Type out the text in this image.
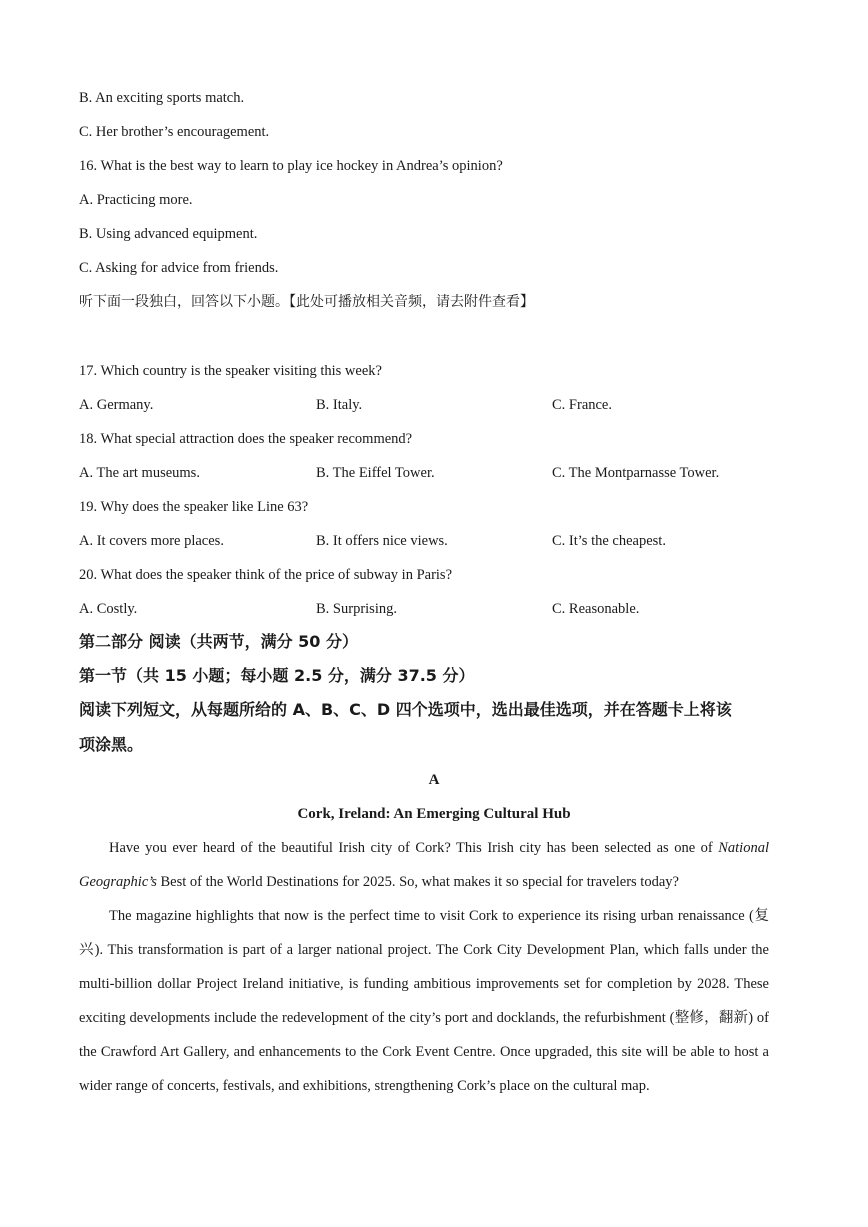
B. An exciting sports match.
C. Her brother’s encouragement.
16. What is the best way to learn to play ice hockey in Andrea’s opinion?
A. Practicing more.
B. Using advanced equipment.
C. Asking for advice from friends.
听下面一段独白，回答以下小题。【此处可播放相关音频，请去附件查看】
17. Which country is the speaker visiting this week?
A. Germany.	B. Italy.	C. France.
18. What special attraction does the speaker recommend?
A. The art museums.	B. The Eiffel Tower.	C. The Montparnasse Tower.
19. Why does the speaker like Line 63?
A. It covers more places.	B. It offers nice views.	C. It’s the cheapest.
20. What does the speaker think of the price of subway in Paris?
A. Costly.	B. Surprising.	C. Reasonable.
第二部分 阅读（共两节，满分 50 分）
第一节（共 15 小题；每小题 2.5 分，满分 37.5 分）
阅读下列短文，从每题所给的 A、B、C、D 四个选项中，选出最佳选项，并在答题卡上将该
项涂黑。
A
Cork, Ireland: An Emerging Cultural Hub
Have you ever heard of the beautiful Irish city of Cork? This Irish city has been selected as one of National Geographic’s Best of the World Destinations for 2025. So, what makes it so special for travelers today?
The magazine highlights that now is the perfect time to visit Cork to experience its rising urban renaissance (复兴). This transformation is part of a larger national project. The Cork City Development Plan, which falls under the multi-billion dollar Project Ireland initiative, is funding ambitious improvements set for completion by 2028. These exciting developments include the redevelopment of the city’s port and docklands, the refurbishment (整修，翻新) of the Crawford Art Gallery, and enhancements to the Cork Event Centre. Once upgraded, this site will be able to host a wider range of concerts, festivals, and exhibitions, strengthening Cork’s place on the cultural map.
